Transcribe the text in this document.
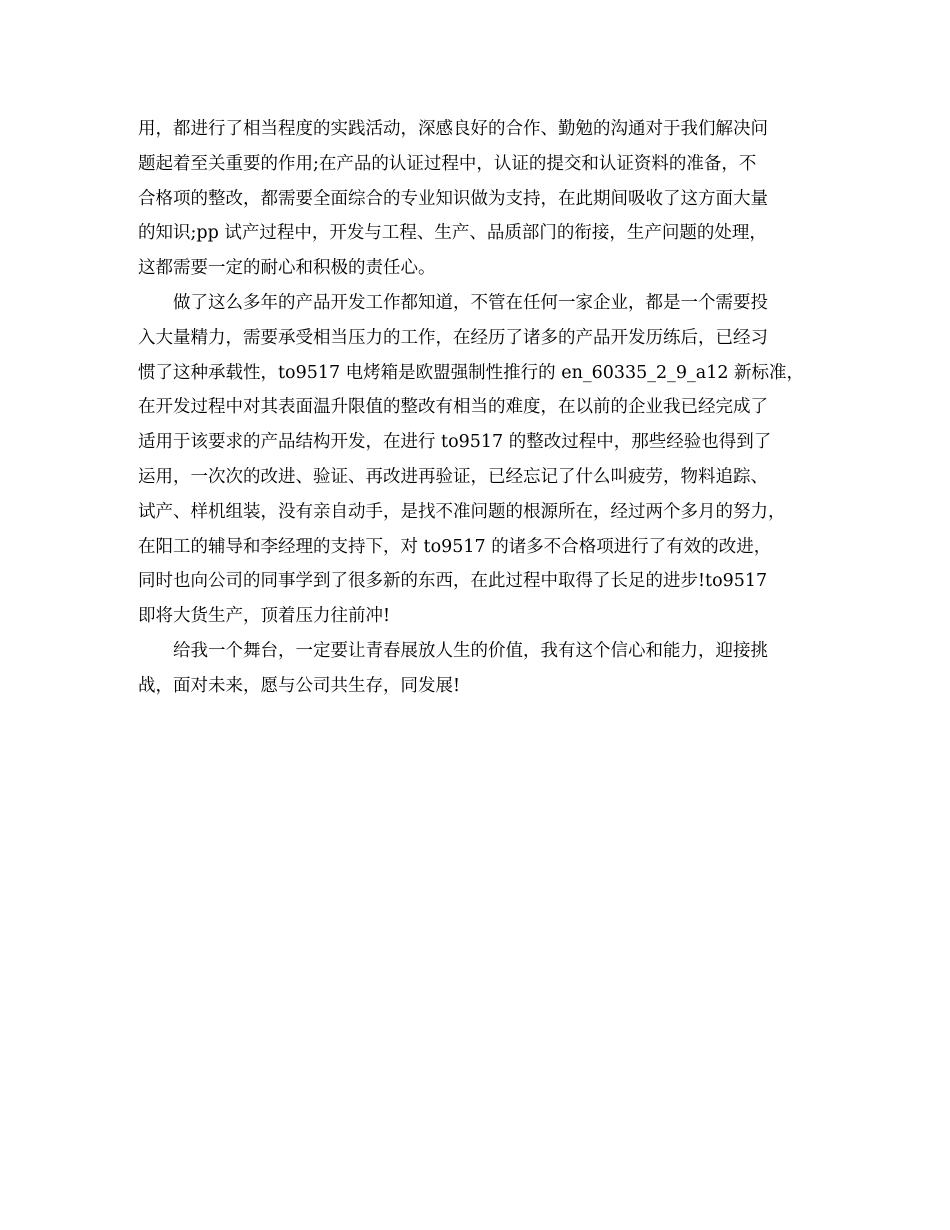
用，都进行了相当程度的实践活动，深感良好的合作、勤勉的沟通对于我们解决问
题起着至关重要的作用;在产品的认证过程中，认证的提交和认证资料的准备，不
合格项的整改，都需要全面综合的专业知识做为支持，在此期间吸收了这方面大量
的知识;pp 试产过程中，开发与工程、生产、品质部门的衔接，生产问题的处理，
这都需要一定的耐心和积极的责任心。
做了这么多年的产品开发工作都知道，不管在任何一家企业，都是一个需要投
入大量精力，需要承受相当压力的工作，在经历了诸多的产品开发历练后，已经习
惯了这种承载性，to9517 电烤箱是欧盟强制性推行的 en_60335_2_9_a12 新标准，
在开发过程中对其表面温升限值的整改有相当的难度，在以前的企业我已经完成了
适用于该要求的产品结构开发，在进行 to9517 的整改过程中，那些经验也得到了
运用，一次次的改进、验证、再改进再验证，已经忘记了什么叫疲劳，物料追踪、
试产、样机组装，没有亲自动手，是找不准问题的根源所在，经过两个多月的努力，
在阳工的辅导和李经理的支持下，对 to9517 的诸多不合格项进行了有效的改进，
同时也向公司的同事学到了很多新的东西，在此过程中取得了长足的进步!to9517
即将大货生产，顶着压力往前冲!
给我一个舞台，一定要让青春展放人生的价值，我有这个信心和能力，迎接挑
战，面对未来，愿与公司共生存，同发展!
